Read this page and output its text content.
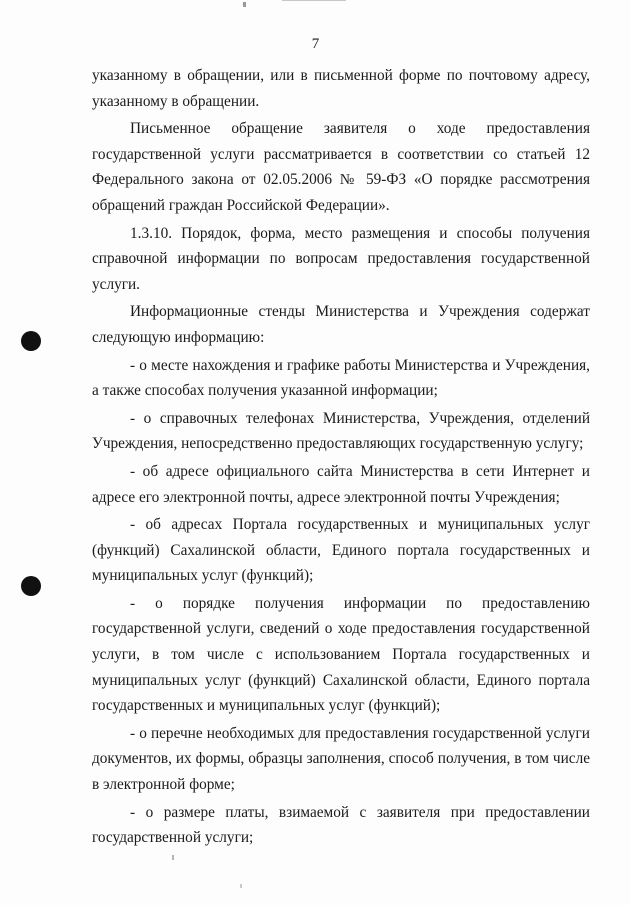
7

указанному в обращении, или в письменной форме по почтовому адресу, указанному в обращении.

Письменное обращение заявителя о ходе предоставления государственной услуги рассматривается в соответствии со статьей 12 Федерального закона от 02.05.2006 № 59-ФЗ «О порядке рассмотрения обращений граждан Российской Федерации».

1.3.10. Порядок, форма, место размещения и способы получения справочной информации по вопросам предоставления государственной услуги.

Информационные стенды Министерства и Учреждения содержат следующую информацию:

- о месте нахождения и графике работы Министерства и Учреждения, а также способах получения указанной информации;

- о справочных телефонах Министерства, Учреждения, отделений Учреждения, непосредственно предоставляющих государственную услугу;

- об адресе официального сайта Министерства в сети Интернет и адресе его электронной почты, адресе электронной почты Учреждения;

- об адресах Портала государственных и муниципальных услуг (функций) Сахалинской области, Единого портала государственных и муниципальных услуг (функций);

- о порядке получения информации по предоставлению государственной услуги, сведений о ходе предоставления государственной услуги, в том числе с использованием Портала государственных и муниципальных услуг (функций) Сахалинской области, Единого портала государственных и муниципальных услуг (функций);

- о перечне необходимых для предоставления государственной услуги документов, их формы, образцы заполнения, способ получения, в том числе в электронной форме;

- о размере платы, взимаемой с заявителя при предоставлении государственной услуги;
